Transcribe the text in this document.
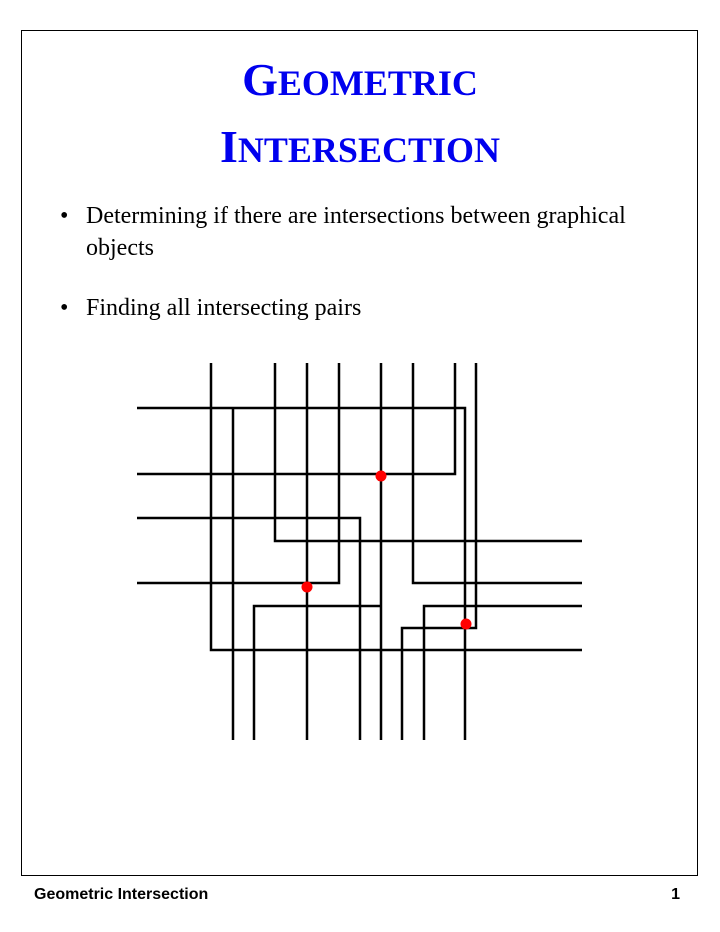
GEOMETRIC
INTERSECTION
• Determining if there are intersections between graphical objects
• Finding all intersecting pairs
Geometric Intersection	1
